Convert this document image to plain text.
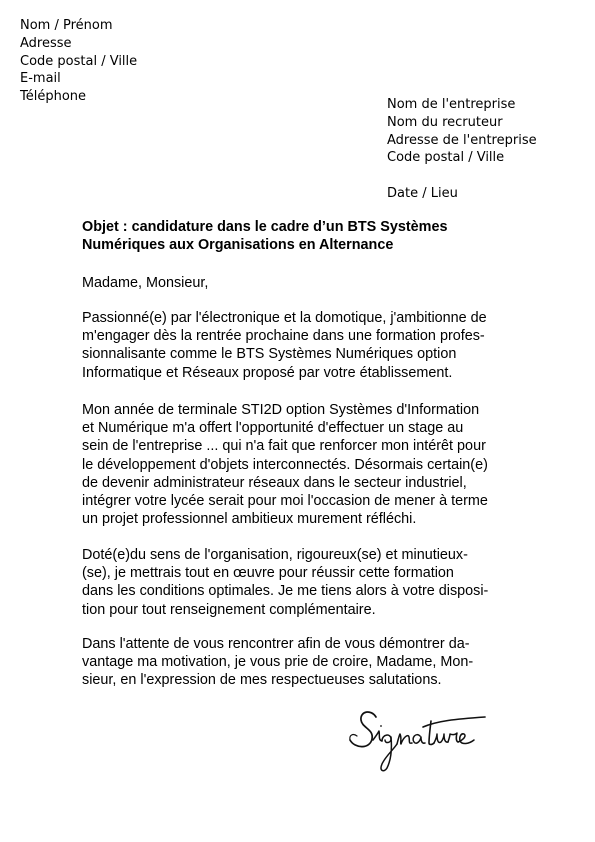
Nom / Prénom
Adresse
Code postal / Ville
E-mail
Téléphone
Nom de l'entreprise
Nom du recruteur
Adresse de l'entreprise
Code postal / Ville
Date / Lieu
Objet : candidature dans le cadre d’un BTS Systèmes
Numériques aux Organisations en Alternance
Madame, Monsieur,
Passionné(e) par l'électronique et la domotique, j'ambitionne de
m'engager dès la rentrée prochaine dans une formation profes-
sionnalisante comme le BTS Systèmes Numériques option
Informatique et Réseaux proposé par votre établissement.
Mon année de terminale STI2D option Systèmes d'Information
et Numérique m'a offert l'opportunité d'effectuer un stage au
sein de l'entreprise ... qui n'a fait que renforcer mon intérêt pour
le développement d'objets interconnectés. Désormais certain(e)
de devenir administrateur réseaux dans le secteur industriel,
intégrer votre lycée serait pour moi l'occasion de mener à terme
un projet professionnel ambitieux murement réfléchi.
Doté(e)du sens de l'organisation, rigoureux(se) et minutieux-
(se), je mettrais tout en œuvre pour réussir cette formation
dans les conditions optimales. Je me tiens alors à votre disposi-
tion pour tout renseignement complémentaire.
Dans l'attente de vous rencontrer afin de vous démontrer da-
vantage ma motivation, je vous prie de croire, Madame, Mon-
sieur, en l'expression de mes respectueuses salutations.
